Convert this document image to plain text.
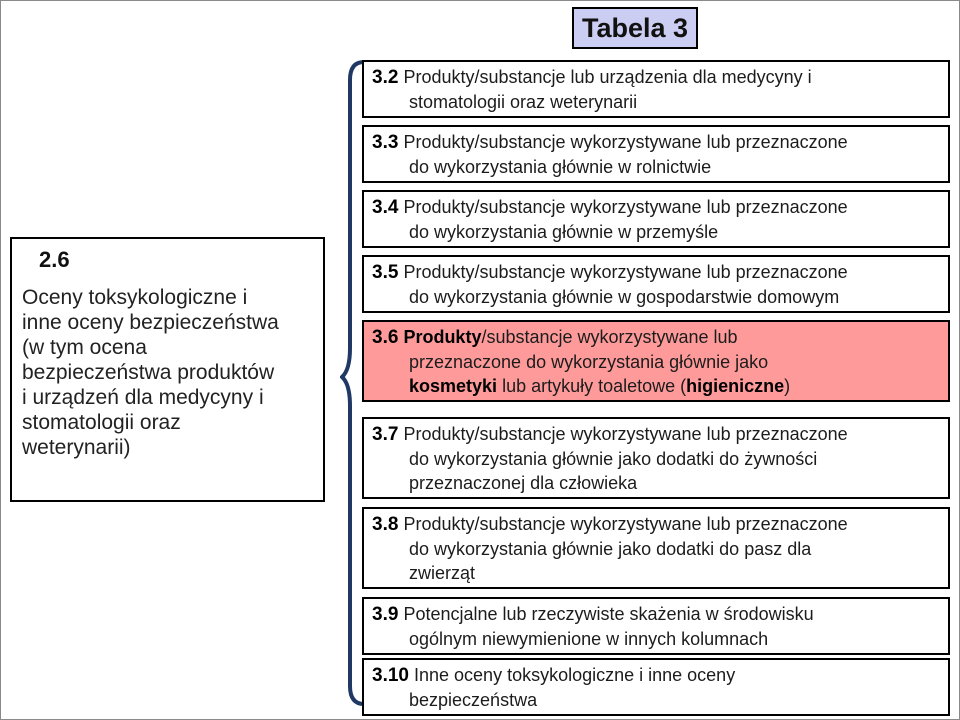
Tabela 3
2.6
Oceny toksykologiczne i
inne oceny bezpieczeństwa
(w tym ocena
bezpieczeństwa produktów
i urządzeń dla medycyny i
stomatologii oraz
weterynarii)
3.2 Produkty/substancje lub urządzenia dla medycyny i
stomatologii oraz weterynarii
3.3 Produkty/substancje wykorzystywane lub przeznaczone
do wykorzystania głównie w rolnictwie
3.4 Produkty/substancje wykorzystywane lub przeznaczone
do wykorzystania głównie w przemyśle
3.5 Produkty/substancje wykorzystywane lub przeznaczone
do wykorzystania głównie w gospodarstwie domowym
3.6 Produkty/substancje wykorzystywane lub
przeznaczone do wykorzystania głównie jako
kosmetyki lub artykuły toaletowe (higieniczne)
3.7 Produkty/substancje wykorzystywane lub przeznaczone
do wykorzystania głównie jako dodatki do żywności
przeznaczonej dla człowieka
3.8 Produkty/substancje wykorzystywane lub przeznaczone
do wykorzystania głównie jako dodatki do pasz dla
zwierząt
3.9 Potencjalne lub rzeczywiste skażenia w środowisku
ogólnym niewymienione w innych kolumnach
3.10 Inne oceny toksykologiczne i inne oceny
bezpieczeństwa
